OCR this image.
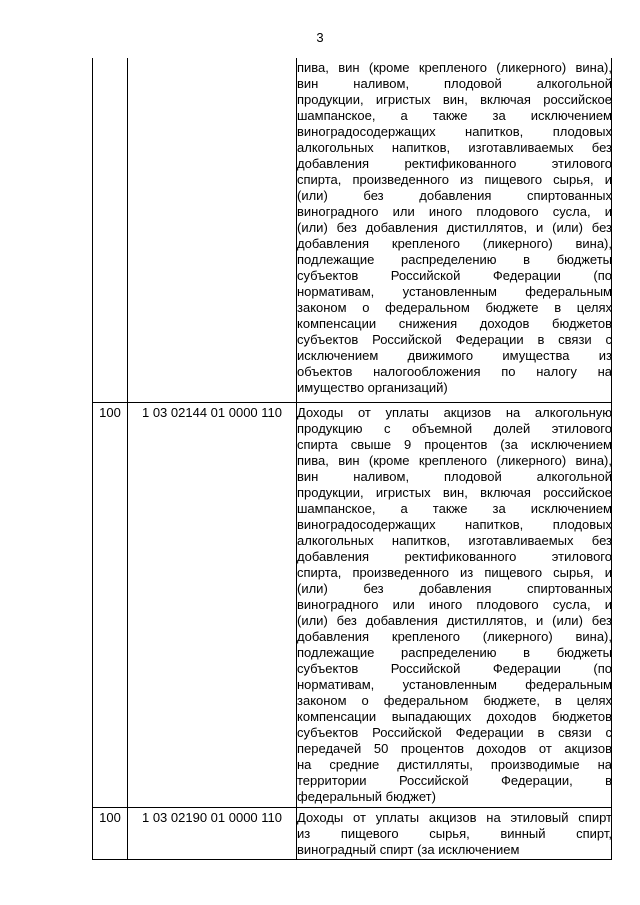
3
пива, вин (кроме крепленого (ликерного) вина),
вин наливом, плодовой алкогольной
продукции, игристых вин, включая российское
шампанское, а также за исключением
виноградосодержащих напитков, плодовых
алкогольных напитков, изготавливаемых без
добавления ректификованного этилового
спирта, произведенного из пищевого сырья, и
(или) без добавления спиртованных
виноградного или иного плодового сусла, и
(или) без добавления дистиллятов, и (или) без
добавления крепленого (ликерного) вина),
подлежащие распределению в бюджеты
субъектов Российской Федерации (по
нормативам, установленным федеральным
законом о федеральном бюджете в целях
компенсации снижения доходов бюджетов
субъектов Российской Федерации в связи с
исключением движимого имущества из
объектов налогообложения по налогу на
имущество организаций)
100	1 03 02144 01 0000 110	Доходы от уплаты акцизов на алкогольную
продукцию с объемной долей этилового
спирта свыше 9 процентов (за исключением
пива, вин (кроме крепленого (ликерного) вина),
вин наливом, плодовой алкогольной
продукции, игристых вин, включая российское
шампанское, а также за исключением
виноградосодержащих напитков, плодовых
алкогольных напитков, изготавливаемых без
добавления ректификованного этилового
спирта, произведенного из пищевого сырья, и
(или) без добавления спиртованных
виноградного или иного плодового сусла, и
(или) без добавления дистиллятов, и (или) без
добавления крепленого (ликерного) вина),
подлежащие распределению в бюджеты
субъектов Российской Федерации (по
нормативам, установленным федеральным
законом о федеральном бюджете, в целях
компенсации выпадающих доходов бюджетов
субъектов Российской Федерации в связи с
передачей 50 процентов доходов от акцизов
на средние дистилляты, производимые на
территории Российской Федерации, в
федеральный бюджет)
100	1 03 02190 01 0000 110	Доходы от уплаты акцизов на этиловый спирт
из пищевого сырья, винный спирт,
виноградный спирт (за исключением
